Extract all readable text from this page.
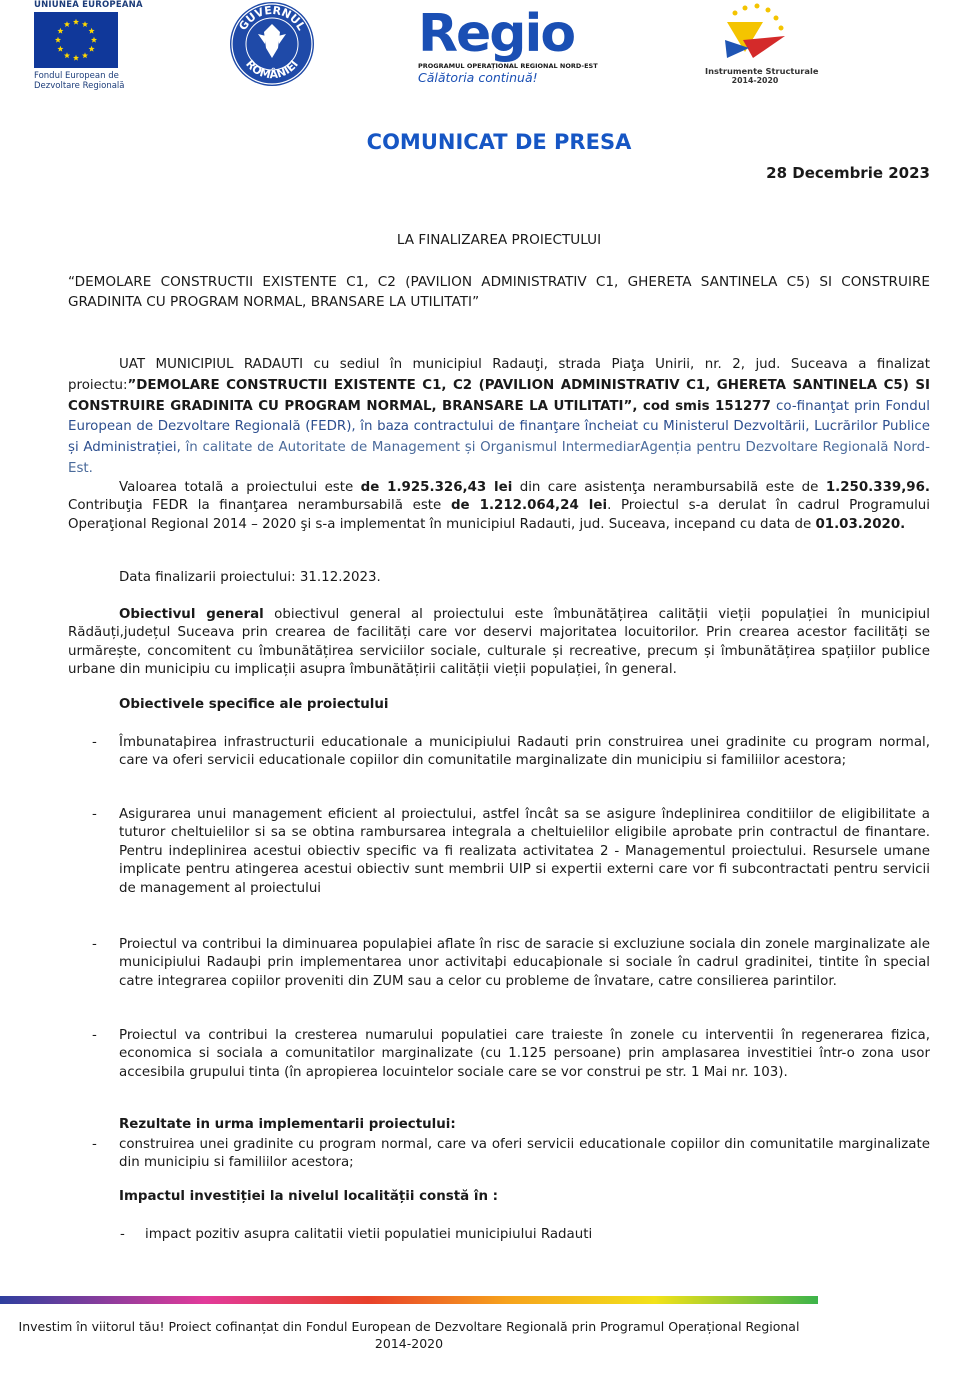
UNIUNEA EUROPEANĂ
Fondul European de
Dezvoltare Regională
GUVERNUL
ROMÂNIEI Regio
PROGRAMUL OPERAȚIONAL REGIONAL NORD-EST
Călătoria continuă!	Instrumente Structurale
2014-2020
COMUNICAT DE PRESA
28 Decembrie 2023
LA FINALIZAREA PROIECTULUI
“DEMOLARE CONSTRUCTII EXISTENTE C1, C2 (PAVILION ADMINISTRATIV C1, GHERETA SANTINELA C5) SI CONSTRUIRE GRADINITA CU PROGRAM NORMAL, BRANSARE LA UTILITATI”
UAT MUNICIPIUL RADAUTI cu sediul în municipiul Radauţi, strada Piaţa Unirii, nr. 2, jud. Suceava a finalizat proiectu:”DEMOLARE CONSTRUCTII EXISTENTE C1, C2 (PAVILION ADMINISTRATIV C1, GHERETA SANTINELA C5) SI CONSTRUIRE GRADINITA CU PROGRAM NORMAL, BRANSARE LA UTILITATI”, cod smis 151277 co-finanţat prin Fondul European de Dezvoltare Regională (FEDR), în baza contractului de finanţare încheiat cu Ministerul Dezvoltării, Lucrărilor Publice și Administrației, în calitate de Autoritate de Management și Organismul IntermediarAgenția pentru Dezvoltare Regională Nord-Est.
Valoarea totală a proiectului este de 1.925.326,43 lei din care asistenţa nerambursabilă este de 1.250.339,96. Contribuţia FEDR la finanţarea nerambursabilă este de 1.212.064,24 lei. Proiectul s-a derulat în cadrul Programului Operaţional Regional 2014 – 2020 şi s-a implementat în municipiul Radauti, jud. Suceava, incepand cu data de 01.03.2020.
Data finalizarii proiectului: 31.12.2023.
Obiectivul general obiectivul general al proiectului este îmbunătățirea calității vieții populației în municipiul Rădăuți,județul Suceava prin crearea de facilități care vor deservi majoritatea locuitorilor. Prin crearea acestor facilități se urmărește, concomitent cu îmbunătățirea serviciilor sociale, culturale și recreative, precum și îmbunătățirea spațiilor publice urbane din municipiu cu implicații asupra îmbunătățirii calității vieții populației, în general.
Obiectivele specifice ale proiectului
- Îmbunataþirea infrastructurii educationale a municipiului Radauti prin construirea unei gradinite cu program normal, care va oferi servicii educationale copiilor din comunitatile marginalizate din municipiu si familiilor acestora;
- Asigurarea unui management eficient al proiectului, astfel încât sa se asigure îndeplinirea conditiilor de eligibilitate a tuturor cheltuielilor si sa se obtina rambursarea integrala a cheltuielilor eligibile aprobate prin contractul de finantare. Pentru indeplinirea acestui obiectiv specific va fi realizata activitatea 2 - Managementul proiectului. Resursele umane implicate pentru atingerea acestui obiectiv sunt membrii UIP si expertii externi care vor fi subcontractati pentru servicii de management al proiectului
- Proiectul va contribui la diminuarea populaþiei aflate în risc de saracie si excluziune sociala din zonele marginalizate ale municipiului Radauþi prin implementarea unor activitaþi educaþionale si sociale în cadrul gradinitei, tintite în special catre integrarea copiilor proveniti din ZUM sau a celor cu probleme de învatare, catre consilierea parintilor.
- Proiectul va contribui la cresterea numarului populatiei care traieste în zonele cu interventii în regenerarea fizica, economica si sociala a comunitatilor marginalizate (cu 1.125 persoane) prin amplasarea investitiei într-o zona usor accesibila grupului tinta (în apropierea locuintelor sociale care se vor construi pe str. 1 Mai nr. 103).
Rezultate in urma implementarii proiectului:
- construirea unei gradinite cu program normal, care va oferi servicii educationale copiilor din comunitatile marginalizate din municipiu si familiilor acestora;
Impactul investiției la nivelul localității constă în :
- impact pozitiv asupra calitatii vietii populatiei municipiului Radauti
Investim în viitorul tău! Proiect cofinanțat din Fondul European de Dezvoltare Regională prin Programul Operațional Regional
2014-2020
